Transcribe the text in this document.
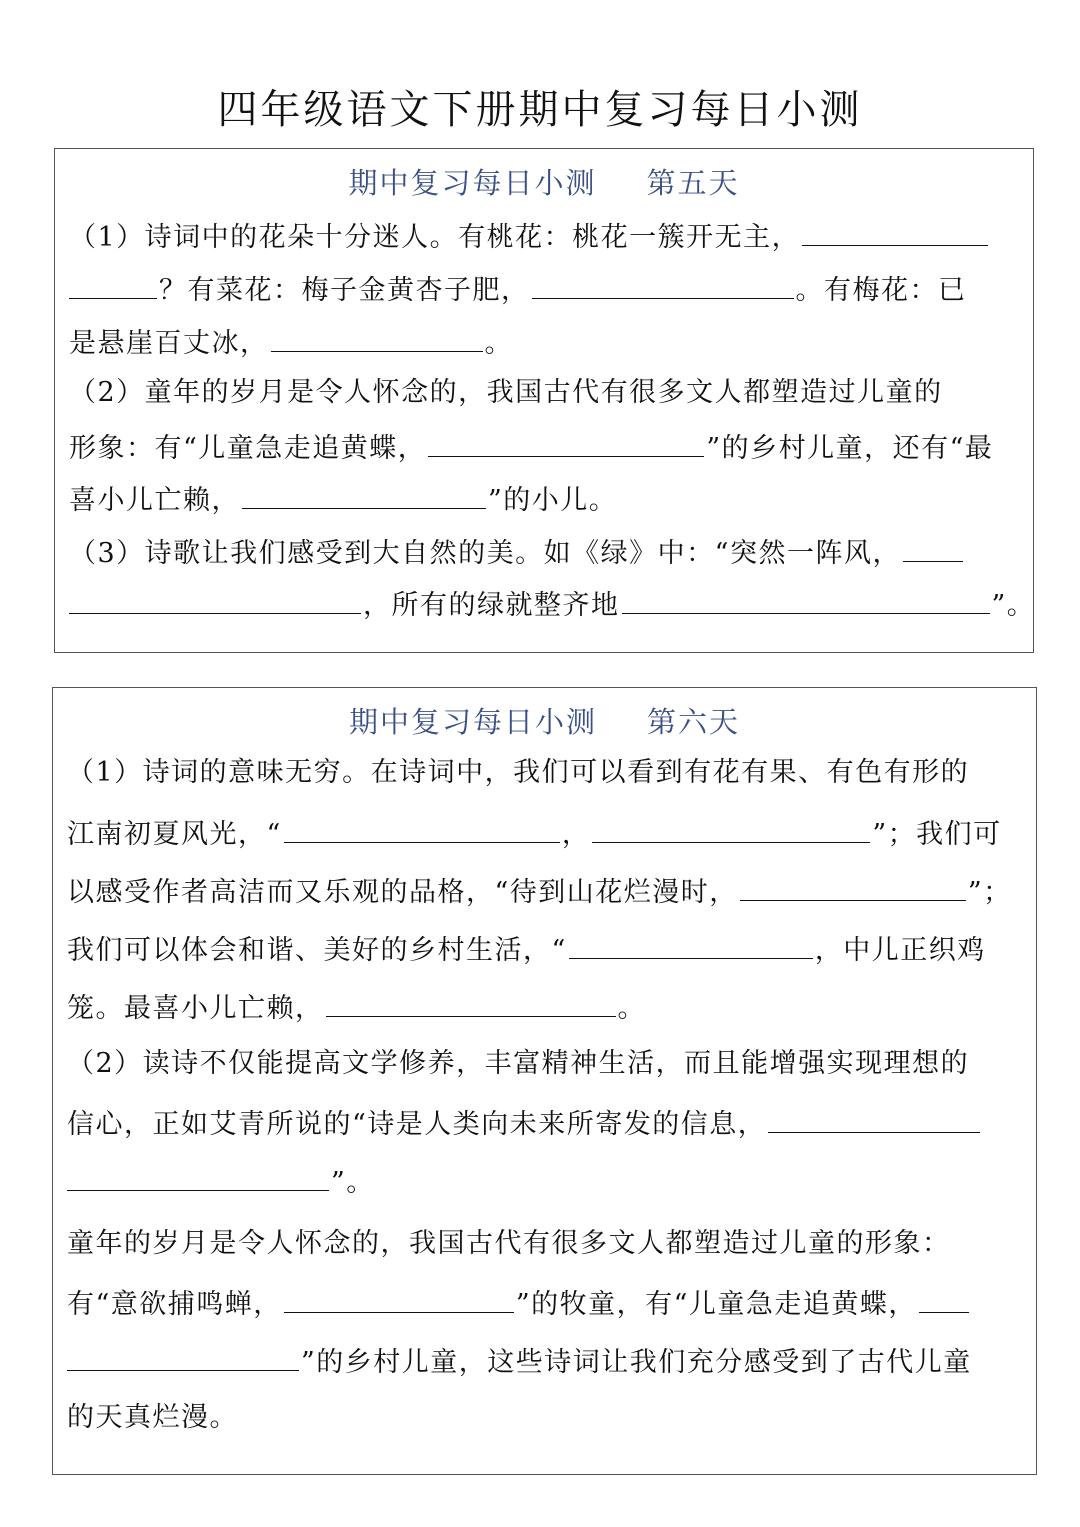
四年级语文下册期中复习每日小测
期中复习每日小测 第五天
（1）诗词中的花朵十分迷人。有桃花：桃花一簇开无主，
？有菜花：梅子金黄杏子肥，	。有梅花：已
是悬崖百丈冰，	。
（2）童年的岁月是令人怀念的，我国古代有很多文人都塑造过儿童的
形象：有“儿童急走追黄蝶，	”的乡村儿童，还有“最
喜小儿亡赖，	”的小儿。
（3）诗歌让我们感受到大自然的美。如《绿》中：“突然一阵风，
，所有的绿就整齐地	”。
期中复习每日小测 第六天
（1）诗词的意味无穷。在诗词中，我们可以看到有花有果、有色有形的
江南初夏风光，“	，	”；我们可
以感受作者高洁而又乐观的品格，“待到山花烂漫时，	”；
我们可以体会和谐、美好的乡村生活，“	，中儿正织鸡
笼。最喜小儿亡赖，	。
（2）读诗不仅能提高文学修养，丰富精神生活，而且能增强实现理想的
信心，正如艾青所说的“诗是人类向未来所寄发的信息，
”。
童年的岁月是令人怀念的，我国古代有很多文人都塑造过儿童的形象：
有“意欲捕鸣蝉，	”的牧童，有“儿童急走追黄蝶，
”的乡村儿童，这些诗词让我们充分感受到了古代儿童
的天真烂漫。
